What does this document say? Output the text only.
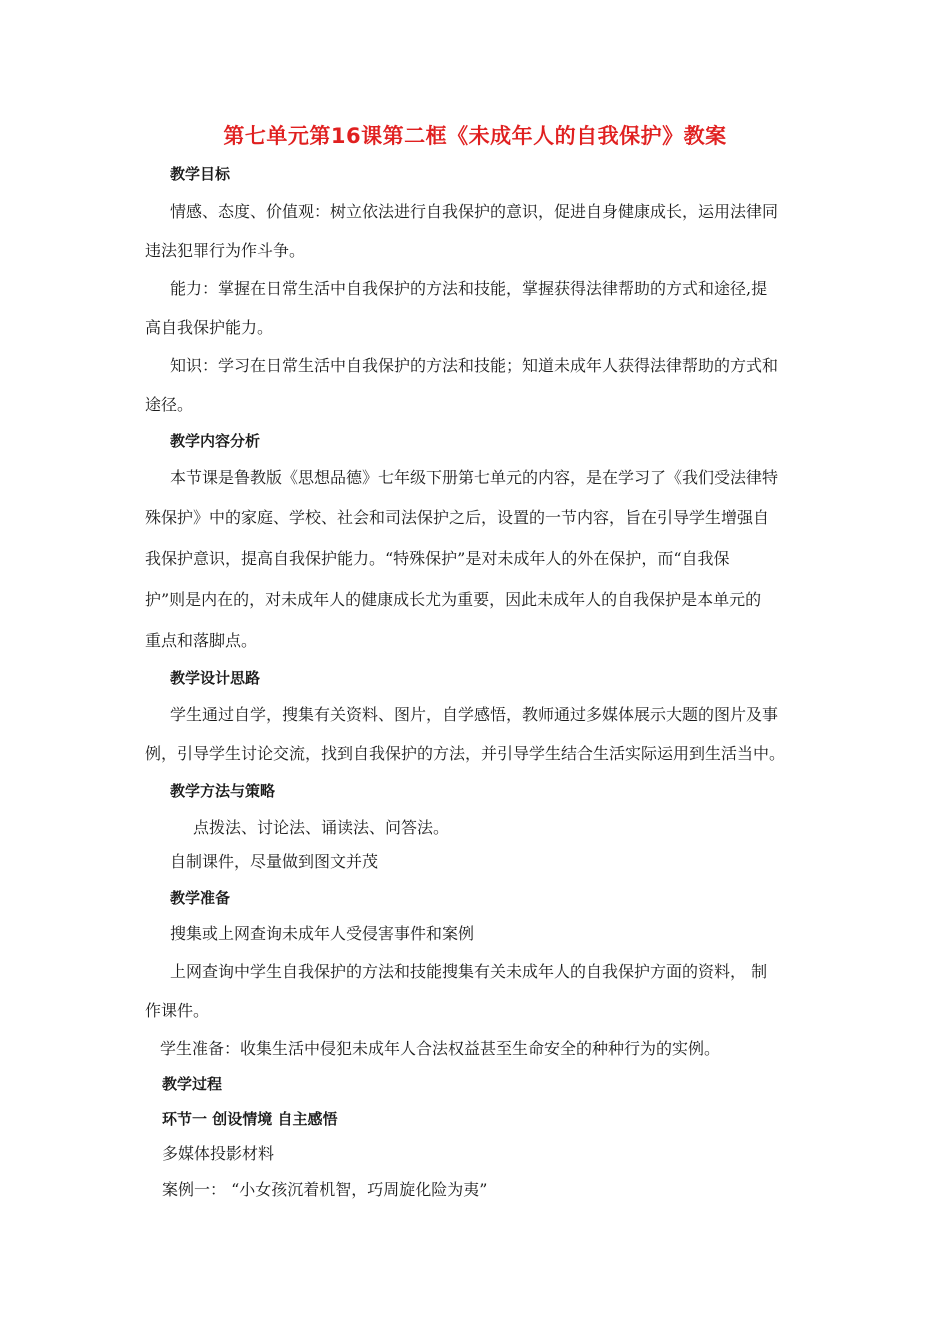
第七单元第16课第二框《未成年人的自我保护》教案
教学目标
情感、态度、价值观：树立依法进行自我保护的意识，促进自身健康成长，运用法律同
违法犯罪行为作斗争。
能力：掌握在日常生活中自我保护的方法和技能，掌握获得法律帮助的方式和途径,提
高自我保护能力。
知识：学习在日常生活中自我保护的方法和技能；知道未成年人获得法律帮助的方式和
途径。
教学内容分析
本节课是鲁教版《思想品德》七年级下册第七单元的内容，是在学习了《我们受法律特
殊保护》中的家庭、学校、社会和司法保护之后，设置的一节内容，旨在引导学生增强自
我保护意识，提高自我保护能力。“特殊保护”是对未成年人的外在保护，而“自我保
护”则是内在的，对未成年人的健康成长尤为重要，因此未成年人的自我保护是本单元的
重点和落脚点。
教学设计思路
学生通过自学，搜集有关资料、图片，自学感悟，教师通过多媒体展示大题的图片及事
例，引导学生讨论交流，找到自我保护的方法，并引导学生结合生活实际运用到生活当中。
教学方法与策略
点拨法、讨论法、诵读法、问答法。
自制课件，尽量做到图文并茂
教学准备
搜集或上网查询未成年人受侵害事件和案例
上网查询中学生自我保护的方法和技能搜集有关未成年人的自我保护方面的资料， 制
作课件。
学生准备：收集生活中侵犯未成年人合法权益甚至生命安全的种种行为的实例。
教学过程
环节一 创设情境 自主感悟
多媒体投影材料
案例一： “小女孩沉着机智，巧周旋化险为夷”
